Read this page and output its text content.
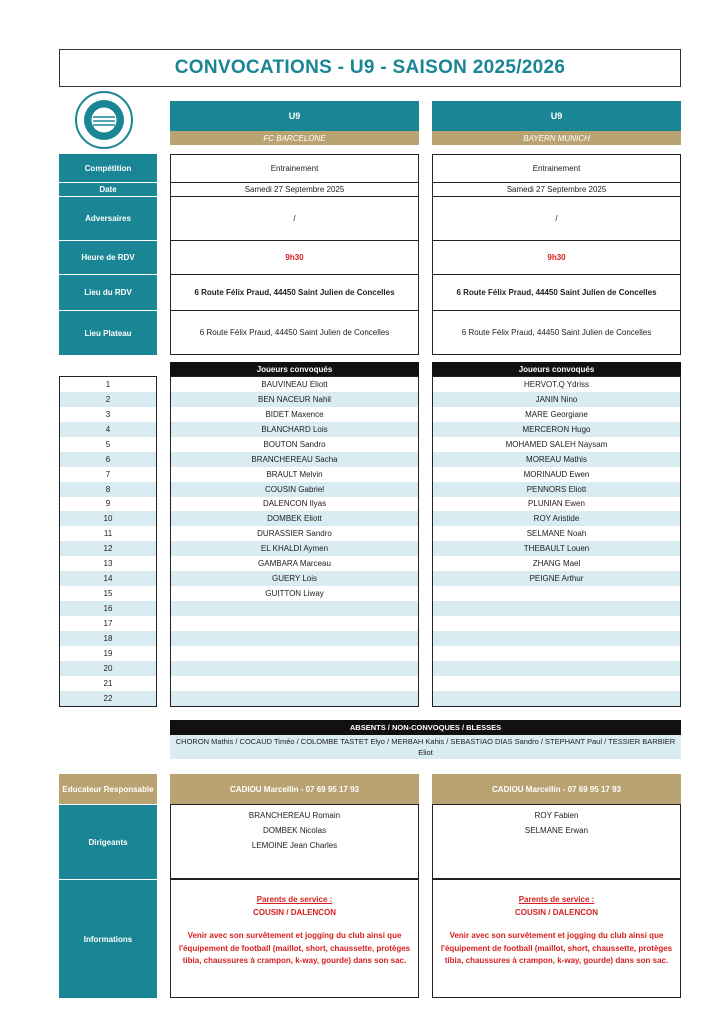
CONVOCATIONS - U9 - SAISON 2025/2026
U9
FC BARCELONE
U9
BAYERN MUNICH
Compétition
Date
Adversaires
Heure de RDV
Lieu du RDV
Lieu Plateau
Entrainement
Samedi 27 Septembre 2025
/
9h30
6 Route Félix Praud, 44450 Saint Julien de Concelles
6 Route Félix Praud, 44450 Saint Julien de Concelles
Entrainement
Samedi 27 Septembre 2025
/
9h30
6 Route Félix Praud, 44450 Saint Julien de Concelles
6 Route Félix Praud, 44450 Saint Julien de Concelles
Joueurs convoqués	Joueurs convoqués
1
2
3
4
5
6
7
8
9
10
11
12
13
14
15
16
17
18
19
20
21
22
BAUVINEAU Eliott
BEN NACEUR Nahil
BIDET Maxence
BLANCHARD Lois
BOUTON Sandro
BRANCHEREAU Sacha
BRAULT Melvin
COUSIN Gabriel
DALENCON Ilyas
DOMBEK Eliott
DURASSIER Sandro
EL KHALDI Aymen
GAMBARA Marceau
GUERY Lois
GUITTON Liway
HERVOT.Q Ydriss
JANIN Nino
MARE Georgiane
MERCERON Hugo
MOHAMED SALEH Naysam
MOREAU Mathis
MORINAUD Ewen
PENNORS Eliott
PLUNIAN Ewen
ROY Aristide
SELMANE Noah
THEBAULT Louen
ZHANG Mael
PEIGNE Arthur
ABSENTS / NON-CONVOQUES / BLESSES
CHORON Mathis / COCAUD Timéo / COLOMBE TASTET Elyo / MERBAH Kahis / SEBASTIAO DIAS Sandro / STEPHANT Paul / TESSIER BARBIER Eliot
Educateur Responsable
Dirigeants
Informations
CADIOU Marcellin - 07 69 95 17 93	CADIOU Marcellin - 07 69 95 17 93
BRANCHEREAU Romain
DOMBEK Nicolas
LEMOINE Jean Charles
ROY Fabien
SELMANE Erwan
Parents de service :
COUSIN / DALENCON
Venir avec son survêtement et jogging du club ainsi que l'équipement de football (maillot, short, chaussette, protèges tibia, chaussures à crampon, k-way, gourde) dans son sac.
Parents de service :
COUSIN / DALENCON
Venir avec son survêtement et jogging du club ainsi que l'équipement de football (maillot, short, chaussette, protèges tibia, chaussures à crampon, k-way, gourde) dans son sac.
